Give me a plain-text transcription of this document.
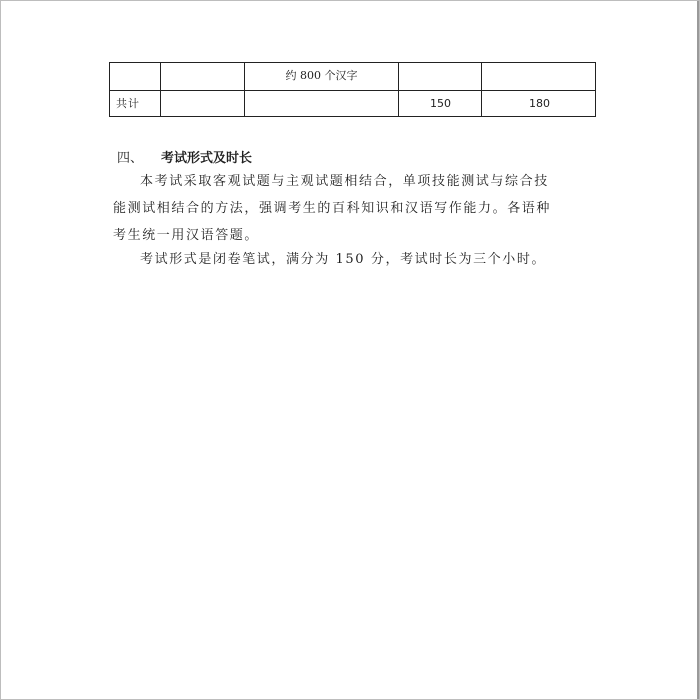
		约 800 个汉字		

共计			150	180
四、 考试形式及时长

本考试采取客观试题与主观试题相结合，单项技能测试与综合技
能测试相结合的方法，强调考生的百科知识和汉语写作能力。各语种
考生统一用汉语答题。

考试形式是闭卷笔试，满分为 150 分，考试时长为三个小时。
